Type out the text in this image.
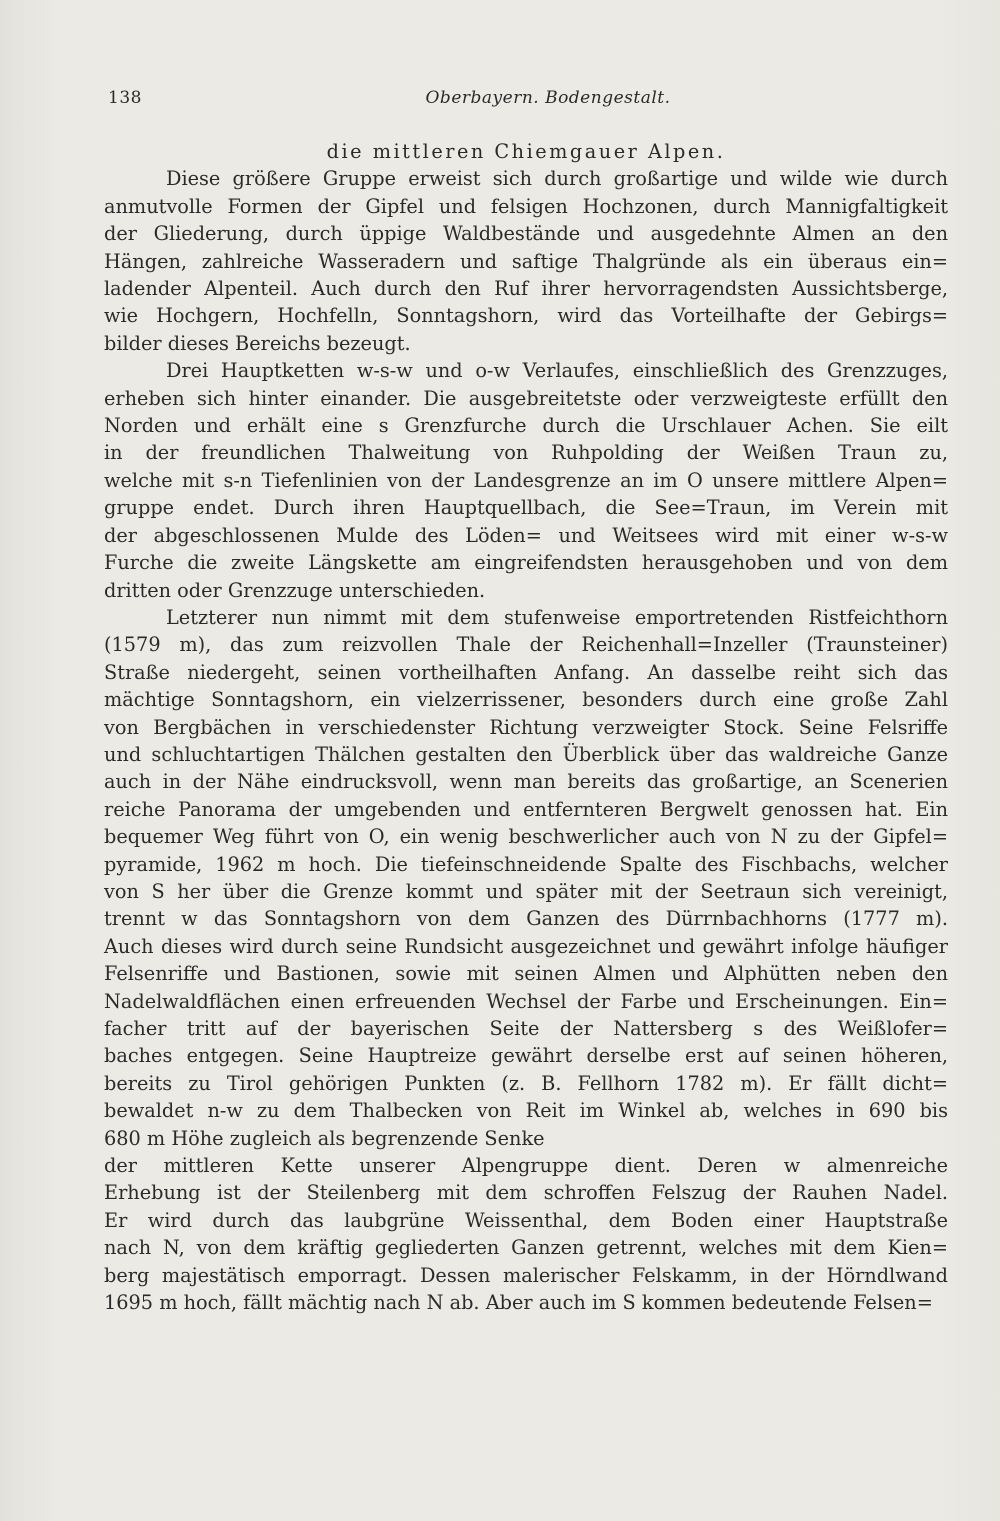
138	Oberbayern. Bodengestalt.

die mittleren Chiemgauer Alpen.

Diese größere Gruppe erweist sich durch großartige und wilde wie durch
anmutvolle Formen der Gipfel und felsigen Hochzonen, durch Mannigfaltigkeit
der Gliederung, durch üppige Waldbestände und ausgedehnte Almen an den
Hängen, zahlreiche Wasseradern und saftige Thalgründe als ein überaus ein=
ladender Alpenteil. Auch durch den Ruf ihrer hervorragendsten Aussichtsberge,
wie Hochgern, Hochfelln, Sonntagshorn, wird das Vorteilhafte der Gebirgs=
bilder dieses Bereichs bezeugt.

Drei Hauptketten w-s-w und o-w Verlaufes, einschließlich des Grenzzuges,
erheben sich hinter einander. Die ausgebreitetste oder verzweigteste erfüllt den
Norden und erhält eine s Grenzfurche durch die Urschlauer Achen. Sie eilt
in der freundlichen Thalweitung von Ruhpolding der Weißen Traun zu,
welche mit s-n Tiefenlinien von der Landesgrenze an im O unsere mittlere Alpen=
gruppe endet. Durch ihren Hauptquellbach, die See=Traun, im Verein mit
der abgeschlossenen Mulde des Löden= und Weitsees wird mit einer w-s-w
Furche die zweite Längskette am eingreifendsten herausgehoben und von dem
dritten oder Grenzzuge unterschieden.

Letzterer nun nimmt mit dem stufenweise emportretenden Ristfeichthorn
(1579 m), das zum reizvollen Thale der Reichenhall=Inzeller (Traunsteiner)
Straße niedergeht, seinen vortheilhaften Anfang. An dasselbe reiht sich das
mächtige Sonntagshorn, ein vielzerrissener, besonders durch eine große Zahl
von Bergbächen in verschiedenster Richtung verzweigter Stock. Seine Felsriffe
und schluchtartigen Thälchen gestalten den Überblick über das waldreiche Ganze
auch in der Nähe eindrucksvoll, wenn man bereits das großartige, an Scenerien
reiche Panorama der umgebenden und entfernteren Bergwelt genossen hat. Ein
bequemer Weg führt von O, ein wenig beschwerlicher auch von N zu der Gipfel=
pyramide, 1962 m hoch. Die tiefeinschneidende Spalte des Fischbachs, welcher
von S her über die Grenze kommt und später mit der Seetraun sich vereinigt,
trennt w das Sonntagshorn von dem Ganzen des Dürrnbachhorns (1777 m).
Auch dieses wird durch seine Rundsicht ausgezeichnet und gewährt infolge häufiger
Felsenriffe und Bastionen, sowie mit seinen Almen und Alphütten neben den
Nadelwaldflächen einen erfreuenden Wechsel der Farbe und Erscheinungen. Ein=
facher tritt auf der bayerischen Seite der Nattersberg s des Weißlofer=
baches entgegen. Seine Hauptreize gewährt derselbe erst auf seinen höheren,
bereits zu Tirol gehörigen Punkten (z. B. Fellhorn 1782 m). Er fällt dicht=
bewaldet n-w zu dem Thalbecken von Reit im Winkel ab, welches in 690 bis
680 m Höhe zugleich als begrenzende Senke

der mittleren Kette unserer Alpengruppe dient. Deren w almenreiche
Erhebung ist der Steilenberg mit dem schroffen Felszug der Rauhen Nadel.
Er wird durch das laubgrüne Weissenthal, dem Boden einer Hauptstraße
nach N, von dem kräftig gegliederten Ganzen getrennt, welches mit dem Kien=
berg majestätisch emporragt. Dessen malerischer Felskamm, in der Hörndlwand
1695 m hoch, fällt mächtig nach N ab. Aber auch im S kommen bedeutende Felsen=
